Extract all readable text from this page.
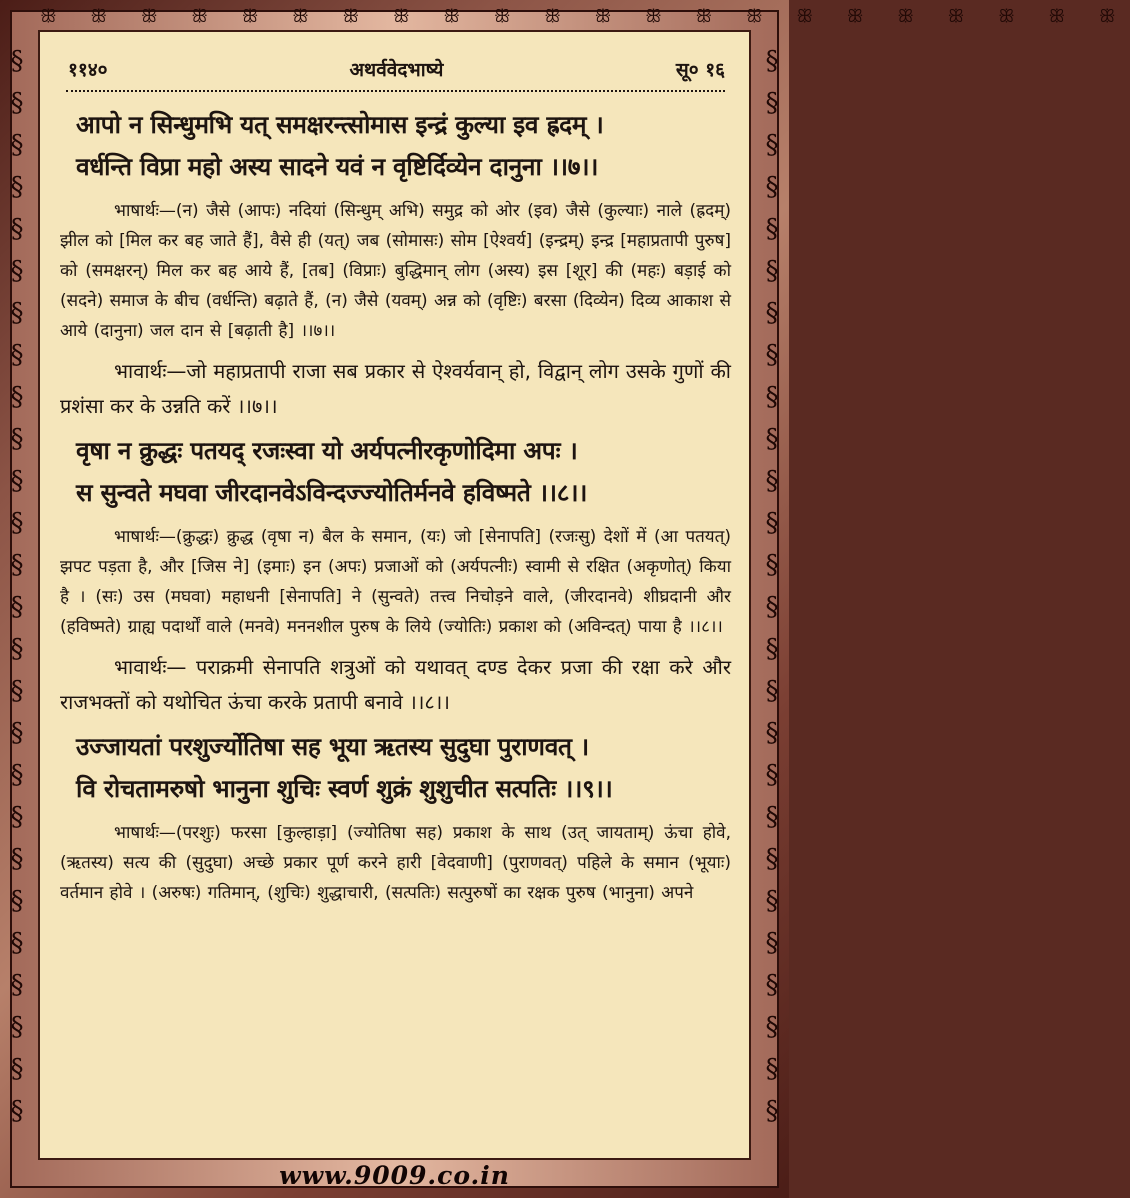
ꕥ ꕥ ꕥ ꕥ ꕥ ꕥ ꕥ ꕥ ꕥ ꕥ ꕥ ꕥ ꕥ ꕥ ꕥ ꕥ ꕥ ꕥ ꕥ ꕥ ꕥ ꕥ
§
§
§
§
§
§
§
§
§
§
§
§
§
§
§
§
§
§
§
§
§
§
§
§
§
§
§
§
§
§
§
§
§
§
§
§
§
§
§
§
§
§
§
§
§
§
§
§
§
§
§
§
११४०	अथर्ववेदभाष्ये	सू० १६
आपो न सिन्धुमभि यत् समक्षरन्त्सोमास इन्द्रं कुल्या इव ह्रदम् ।
वर्धन्ति विप्रा महो अस्य सादने यवं न वृष्टिर्दिव्येन दानुना ।।७।।

भाषार्थः—(न) जैसे (आपः) नदियां (सिन्धुम् अभि) समुद्र को ओर (इव) जैसे (कुल्याः) नाले (ह्रदम्) झील को [मिल कर बह जाते हैं], वैसे ही (यत्) जब (सोमासः) सोम [ऐश्वर्य] (इन्द्रम्) इन्द्र [महाप्रतापी पुरुष] को (समक्षरन्) मिल कर बह आये हैं, [तब] (विप्राः) बुद्धिमान् लोग (अस्य) इस [शूर] की (महः) बड़ाई को (सदने) समाज के बीच (वर्धन्ति) बढ़ाते हैं, (न) जैसे (यवम्) अन्न को (वृष्टिः) बरसा (दिव्येन) दिव्य आकाश से आये (दानुना) जल दान से [बढ़ाती है] ।।७।।

भावार्थः—जो महाप्रतापी राजा सब प्रकार से ऐश्वर्यवान् हो, विद्वान् लोग उसके गुणों की प्रशंसा कर के उन्नति करें ।।७।।

वृषा न क्रुद्धः पतयद् रजःस्वा यो अर्यपत्नीरकृणोदिमा अपः ।
स सुन्वते मघवा जीरदानवेऽविन्दज्ज्योतिर्मनवे हविष्मते ।।८।।

भाषार्थः—(क्रुद्धः) क्रुद्ध (वृषा न) बैल के समान, (यः) जो [सेनापति] (रजःसु) देशों में (आ पतयत्) झपट पड़ता है, और [जिस ने] (इमाः) इन (अपः) प्रजाओं को (अर्यपत्नीः) स्वामी से रक्षित (अकृणोत्) किया है । (सः) उस (मघवा) महाधनी [सेनापति] ने (सुन्वते) तत्त्व निचोड़ने वाले, (जीरदानवे) शीघ्रदानी और (हविष्मते) ग्राह्य पदार्थों वाले (मनवे) मननशील पुरुष के लिये (ज्योतिः) प्रकाश को (अविन्दत्) पाया है ।।८।।

भावार्थः— पराक्रमी सेनापति शत्रुओं को यथावत् दण्ड देकर प्रजा की रक्षा करे और राजभक्तों को यथोचित ऊंचा करके प्रतापी बनावे ।।८।।

उज्जायतां परशुर्ज्योतिषा सह भूया ऋतस्य सुदुघा पुराणवत् ।
वि रोचतामरुषो भानुना शुचिः स्वर्ण शुक्रं शुशुचीत सत्पतिः ।।९।।

भाषार्थः—(परशुः) फरसा [कुल्हाड़ा] (ज्योतिषा सह) प्रकाश के साथ (उत् जायताम्) ऊंचा होवे, (ऋतस्य) सत्य की (सुदुघा) अच्छे प्रकार पूर्ण करने हारी [वेदवाणी] (पुराणवत्) पहिले के समान (भूयाः) वर्तमान होवे । (अरुषः) गतिमान्, (शुचिः) शुद्धाचारी, (सत्पतिः) सत्पुरुषों का रक्षक पुरुष (भानुना) अपने

www.9009.co.in
